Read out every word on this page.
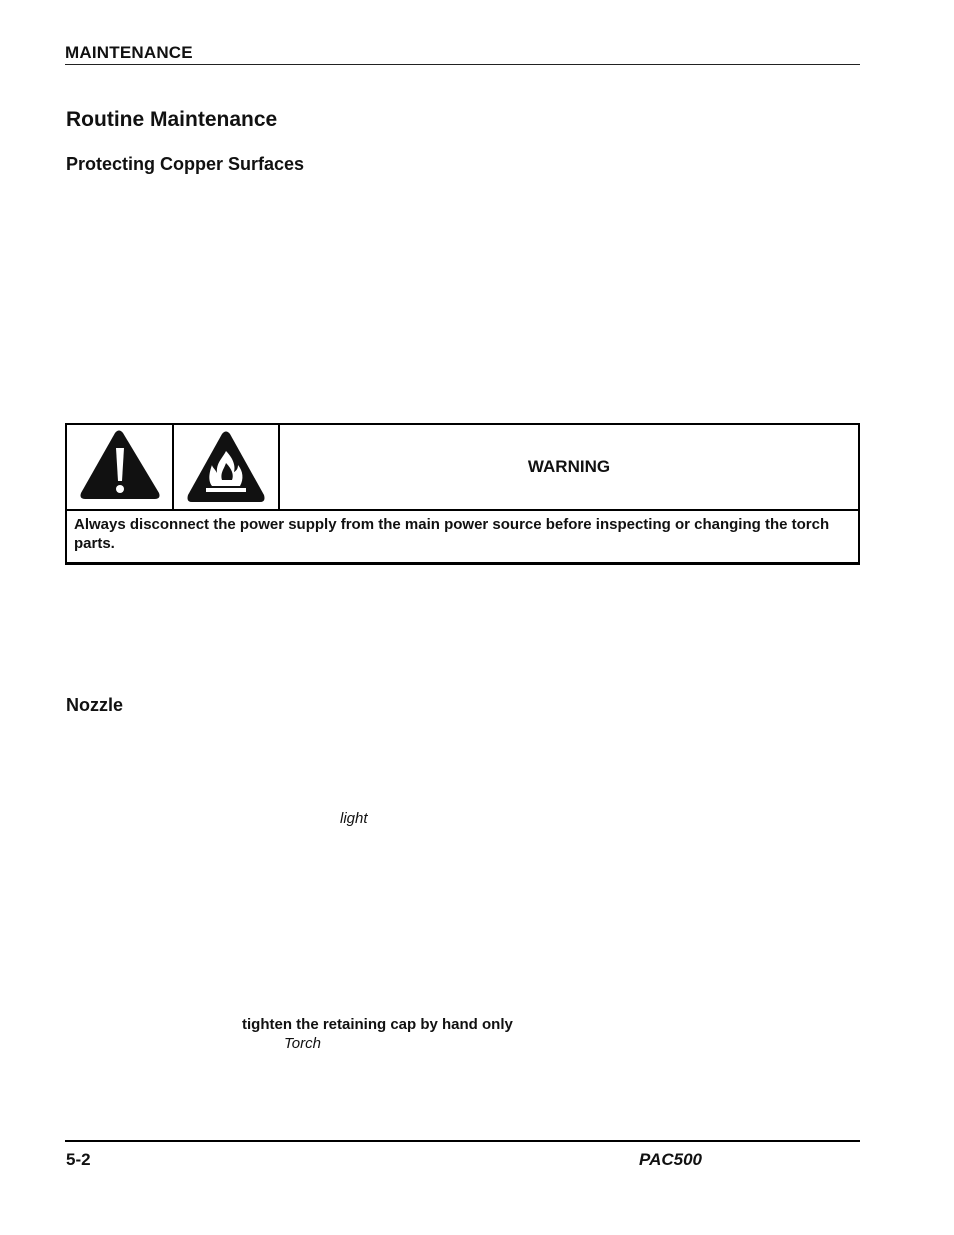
MAINTENANCE
Routine Maintenance
Protecting Copper Surfaces
WARNING
Always disconnect the power supply from the main power source before inspecting or changing the torch parts.
Nozzle
light
tighten the retaining cap by hand only
Torch
5-2	PAC500
